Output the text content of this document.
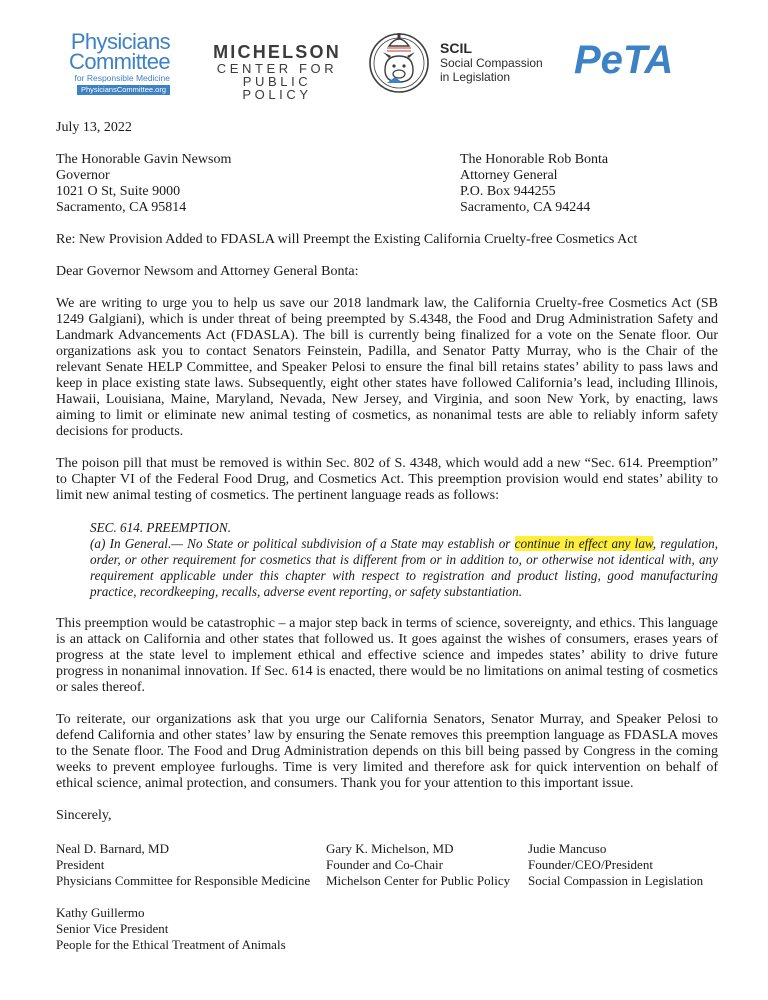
Physicians
Committee
for Responsible Medicine
PhysiciansCommittee.org
MICHELSON
CENTER FOR
PUBLIC POLICY
SCIL
Social Compassion
in Legislation	PeTA

July 13, 2022

The Honorable Gavin Newsom
Governor
1021 O St, Suite 9000
Sacramento, CA 95814
The Honorable Rob Bonta
Attorney General
P.O. Box 944255
Sacramento, CA 94244

Re: New Provision Added to FDASLA will Preempt the Existing California Cruelty-free Cosmetics Act

Dear Governor Newsom and Attorney General Bonta:

We are writing to urge you to help us save our 2018 landmark law, the California Cruelty-free Cosmetics Act (SB 1249 Galgiani), which is under threat of being preempted by S.4348, the Food and Drug Administration Safety and Landmark Advancements Act (FDASLA). The bill is currently being finalized for a vote on the Senate floor. Our organizations ask you to contact Senators Feinstein, Padilla, and Senator Patty Murray, who is the Chair of the relevant Senate HELP Committee, and Speaker Pelosi to ensure the final bill retains states’ ability to pass laws and keep in place existing state laws. Subsequently, eight other states have followed California’s lead, including Illinois, Hawaii, Louisiana, Maine, Maryland, Nevada, New Jersey, and Virginia, and soon New York, by enacting, laws aiming to limit or eliminate new animal testing of cosmetics, as nonanimal tests are able to reliably inform safety decisions for products.

The poison pill that must be removed is within Sec. 802 of S. 4348, which would add a new “Sec. 614. Preemption” to Chapter VI of the Federal Food Drug, and Cosmetics Act. This preemption provision would end states’ ability to limit new animal testing of cosmetics. The pertinent language reads as follows:

SEC. 614. PREEMPTION.
(a) In General.— No State or political subdivision of a State may establish or continue in effect any law, regulation, order, or other requirement for cosmetics that is different from or in addition to, or otherwise not identical with, any requirement applicable under this chapter with respect to registration and product listing, good manufacturing practice, recordkeeping, recalls, adverse event reporting, or safety substantiation.

This preemption would be catastrophic – a major step back in terms of science, sovereignty, and ethics. This language is an attack on California and other states that followed us. It goes against the wishes of consumers, erases years of progress at the state level to implement ethical and effective science and impedes states’ ability to drive future progress in nonanimal innovation. If Sec. 614 is enacted, there would be no limitations on animal testing of cosmetics or sales thereof.

To reiterate, our organizations ask that you urge our California Senators, Senator Murray, and Speaker Pelosi to defend California and other states’ law by ensuring the Senate removes this preemption language as FDASLA moves to the Senate floor. The Food and Drug Administration depends on this bill being passed by Congress in the coming weeks to prevent employee furloughs. Time is very limited and therefore ask for quick intervention on behalf of ethical science, animal protection, and consumers. Thank you for your attention to this important issue.

Sincerely,

Neal D. Barnard, MD
President
Physicians Committee for Responsible Medicine
Gary K. Michelson, MD
Founder and Co-Chair
Michelson Center for Public Policy
Judie Mancuso
Founder/CEO/President
Social Compassion in Legislation
Kathy Guillermo
Senior Vice President
People for the Ethical Treatment of Animals
